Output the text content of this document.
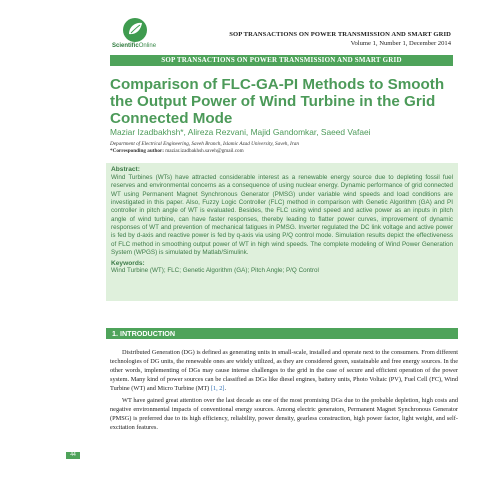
ScientificOnline
SOP TRANSACTIONS ON POWER TRANSMISSION AND SMART GRID
Volume 1, Number 1, December 2014
SOP TRANSACTIONS ON POWER TRANSMISSION AND SMART GRID
Comparison of FLC-GA-PI Methods to Smooth the Output Power of Wind Turbine in the Grid Connected Mode
Maziar Izadbakhsh*, Alireza Rezvani, Majid Gandomkar, Saeed Vafaei
Department of Electrical Engineering, Saveh Branch, Islamic Azad University, Saveh, Iran
*Corresponding author: maziar.izadbakhsh.saveh@gmail.com
Abstract:
Wind Turbines (WTs) have attracted considerable interest as a renewable energy source due to depleting fossil fuel reserves and environmental concerns as a consequence of using nuclear energy. Dynamic performance of grid connected WT using Permanent Magnet Synchronous Generator (PMSG) under variable wind speeds and load conditions are investigated in this paper. Also, Fuzzy Logic Controller (FLC) method in comparison with Genetic Algorithm (GA) and PI controller in pitch angle of WT is evaluated. Besides, the FLC using wind speed and active power as an inputs in pitch angle of wind turbine, can have faster responses, thereby leading to flatter power curves, improvement of dynamic responses of WT and prevention of mechanical fatigues in PMSG. Inverter regulated the DC link voltage and active power is fed by d-axis and reactive power is fed by q-axis via using P/Q control mode. Simulation results depict the effectiveness of FLC method in smoothing output power of WT in high wind speeds. The complete modeling of Wind Power Generation System (WPGS) is simulated by Matlab/Simulink.
Keywords:
Wind Turbine (WT); FLC; Genetic Algorithm (GA); Pitch Angle; P/Q Control
1. INTRODUCTION

Distributed Generation (DG) is defined as generating units in small-scale, installed and operate next to the consumers. From different technologies of DG units, the renewable ones are widely utilized, as they are considered green, sustainable and free energy sources. In the other words, implementing of DGs may cause intense challenges to the grid in the case of secure and efficient operation of the power system. Many kind of power sources can be classified as DGs like diesel engines, battery units, Photo Voltaic (PV), Fuel Cell (FC), Wind Turbine (WT) and Micro Turbine (MT) [1, 2].

WT have gained great attention over the last decade as one of the most promising DGs due to the probable depletion, high costs and negative environmental impacts of conventional energy sources. Among electric generators, Permanent Magnet Synchronous Generator (PMSG) is preferred due to its high efficiency, reliability, power density, gearless construction, high power factor, light weight, and self-excitation features.

44
